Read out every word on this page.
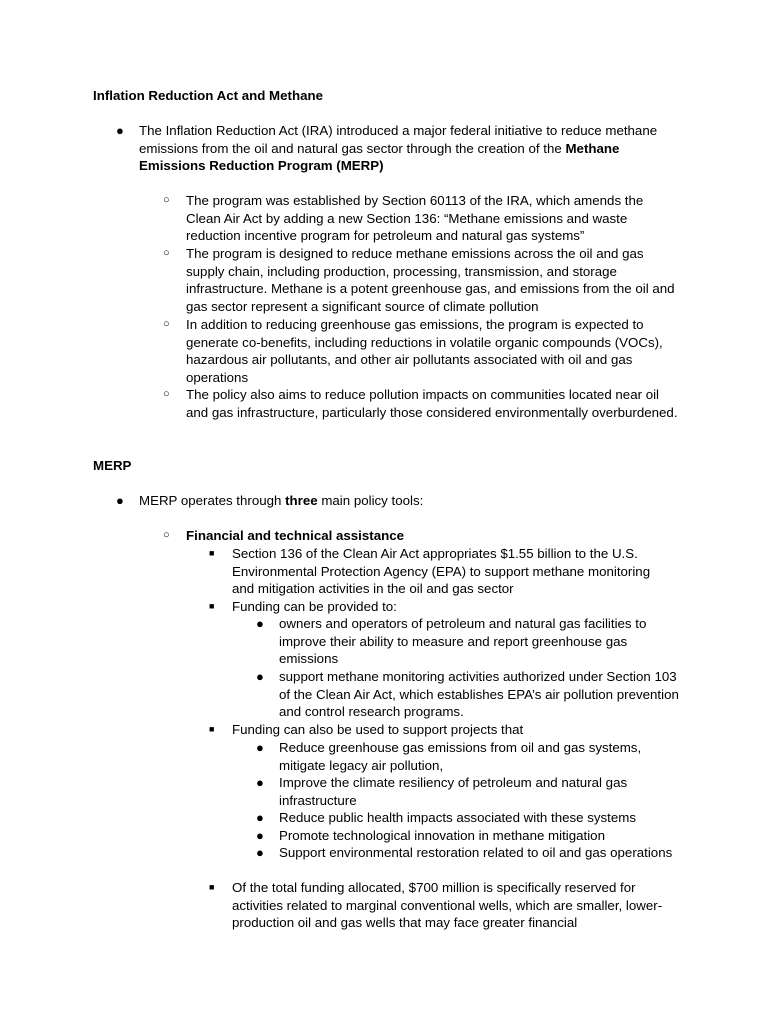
Inflation Reduction Act and Methane
● The Inflation Reduction Act (IRA) introduced a major federal initiative to reduce methane emissions from the oil and natural gas sector through the creation of the Methane Emissions Reduction Program (MERP)
○ The program was established by Section 60113 of the IRA, which amends the Clean Air Act by adding a new Section 136: “Methane emissions and waste reduction incentive program for petroleum and natural gas systems”
○ The program is designed to reduce methane emissions across the oil and gas supply chain, including production, processing, transmission, and storage infrastructure. Methane is a potent greenhouse gas, and emissions from the oil and gas sector represent a significant source of climate pollution
○ In addition to reducing greenhouse gas emissions, the program is expected to generate co-benefits, including reductions in volatile organic compounds (VOCs), hazardous air pollutants, and other air pollutants associated with oil and gas operations
○ The policy also aims to reduce pollution impacts on communities located near oil and gas infrastructure, particularly those considered environmentally overburdened.
MERP
● MERP operates through three main policy tools:
○ Financial and technical assistance
■ Section 136 of the Clean Air Act appropriates $1.55 billion to the U.S. Environmental Protection Agency (EPA) to support methane monitoring and mitigation activities in the oil and gas sector
■ Funding can be provided to:
● owners and operators of petroleum and natural gas facilities to improve their ability to measure and report greenhouse gas emissions
● support methane monitoring activities authorized under Section 103 of the Clean Air Act, which establishes EPA’s air pollution prevention and control research programs.
■ Funding can also be used to support projects that
● Reduce greenhouse gas emissions from oil and gas systems, mitigate legacy air pollution,
● Improve the climate resiliency of petroleum and natural gas infrastructure
● Reduce public health impacts associated with these systems
● Promote technological innovation in methane mitigation
● Support environmental restoration related to oil and gas operations
■ Of the total funding allocated, $700 million is specifically reserved for activities related to marginal conventional wells, which are smaller, lower-production oil and gas wells that may face greater financial
